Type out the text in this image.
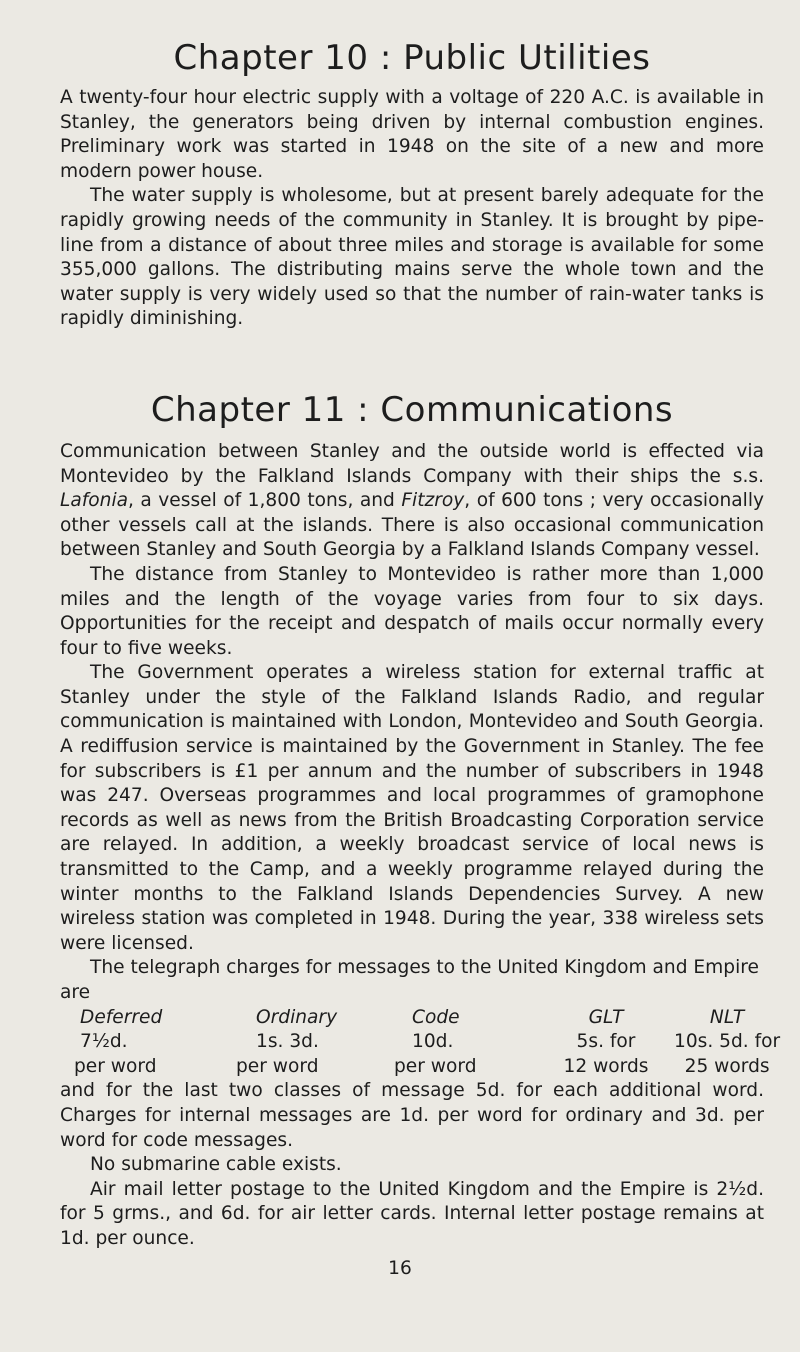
Chapter 10 : Public Utilities

A twenty-four hour electric supply with a voltage of 220 A.C. is available in Stanley, the generators being driven by internal combustion engines. Preliminary work was started in 1948 on the site of a new and more modern power house.

The water supply is wholesome, but at present barely adequate for the rapidly growing needs of the community in Stanley. It is brought by pipe-line from a distance of about three miles and storage is available for some 355,000 gallons. The distributing mains serve the whole town and the water supply is very widely used so that the number of rain-water tanks is rapidly diminishing.

Chapter 11 : Communications

Communication between Stanley and the outside world is effected via Montevideo by the Falkland Islands Company with their ships the s.s. Lafonia, a vessel of 1,800 tons, and Fitzroy, of 600 tons ; very occasionally other vessels call at the islands. There is also occasional communication between Stanley and South Georgia by a Falkland Islands Company vessel.

The distance from Stanley to Montevideo is rather more than 1,000 miles and the length of the voyage varies from four to six days. Opportunities for the receipt and despatch of mails occur normally every four to five weeks.

The Government operates a wireless station for external traffic at Stanley under the style of the Falkland Islands Radio, and regular communication is maintained with London, Montevideo and South Georgia. A rediffusion service is maintained by the Government in Stanley. The fee for subscribers is £1 per annum and the number of subscribers in 1948 was 247. Overseas programmes and local programmes of gramophone records as well as news from the British Broadcasting Corporation service are relayed. In addition, a weekly broadcast service of local news is transmitted to the Camp, and a weekly programme relayed during the winter months to the Falkland Islands Dependencies Survey. A new wireless station was completed in 1948. During the year, 338 wireless sets were licensed.

The telegraph charges for messages to the United Kingdom and Empire are

Deferred	Ordinary	Code	GLT	NLT
7½d.	1s. 3d.	10d.	5s. for	10s. 5d. for
per word	per word	per word	12 words	25 words

and for the last two classes of message 5d. for each additional word. Charges for internal messages are 1d. per word for ordinary and 3d. per word for code messages.

No submarine cable exists.

Air mail letter postage to the United Kingdom and the Empire is 2½d. for 5 grms., and 6d. for air letter cards. Internal letter postage remains at 1d. per ounce.

16
